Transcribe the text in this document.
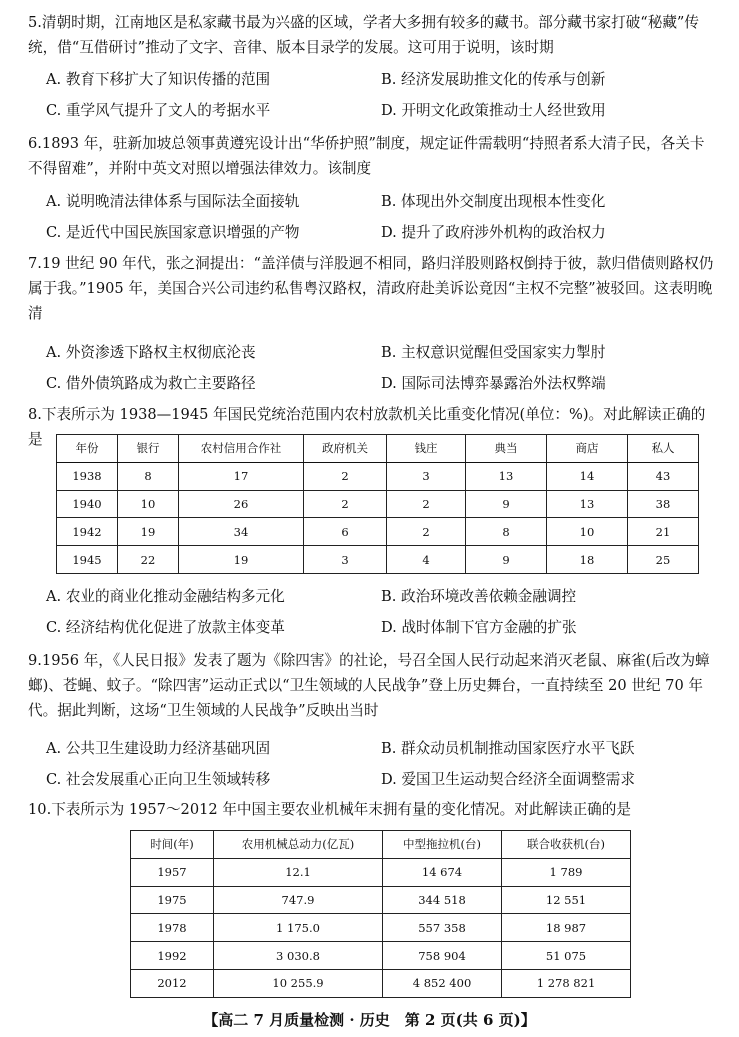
5.清朝时期，江南地区是私家藏书最为兴盛的区域，学者大多拥有较多的藏书。部分藏书家打破“秘藏”传统，借“互借研讨”推动了文字、音律、版本目录学的发展。这可用于说明，该时期
A. 教育下移扩大了知识传播的范围	B. 经济发展助推文化的传承与创新
C. 重学风气提升了文人的考据水平	D. 开明文化政策推动士人经世致用
6.1893 年，驻新加坡总领事黄遵宪设计出“华侨护照”制度，规定证件需载明“持照者系大清子民，各关卡不得留难”，并附中英文对照以增强法律效力。该制度
A. 说明晚清法律体系与国际法全面接轨	B. 体现出外交制度出现根本性变化
C. 是近代中国民族国家意识增强的产物	D. 提升了政府涉外机构的政治权力
7.19 世纪 90 年代，张之洞提出：“盖洋债与洋股迥不相同，路归洋股则路权倒持于彼，款归借债则路权仍属于我。”1905 年，美国合兴公司违约私售粤汉路权，清政府赴美诉讼竟因“主权不完整”被驳回。这表明晚清
A. 外资渗透下路权主权彻底沦丧	B. 主权意识觉醒但受国家实力掣肘
C. 借外债筑路成为救亡主要路径	D. 国际司法博弈暴露治外法权弊端
8.下表所示为 1938—1945 年国民党统治范围内农村放款机关比重变化情况(单位：%)。对此解读正确的是
年份	银行	农村信用合作社	政府机关	钱庄	典当	商店	私人
1938	8	17	2	3	13	14	43
1940	10	26	2	2	9	13	38
1942	19	34	6	2	8	10	21
1945	22	19	3	4	9	18	25
A. 农业的商业化推动金融结构多元化	B. 政治环境改善依赖金融调控
C. 经济结构优化促进了放款主体变革	D. 战时体制下官方金融的扩张
9.1956 年，《人民日报》发表了题为《除四害》的社论，号召全国人民行动起来消灭老鼠、麻雀(后改为蟑螂)、苍蝇、蚊子。“除四害”运动正式以“卫生领域的人民战争”登上历史舞台，一直持续至 20 世纪 70 年代。据此判断，这场“卫生领域的人民战争”反映出当时
A. 公共卫生建设助力经济基础巩固	B. 群众动员机制推动国家医疗水平飞跃
C. 社会发展重心正向卫生领域转移	D. 爱国卫生运动契合经济全面调整需求
10.下表所示为 1957～2012 年中国主要农业机械年末拥有量的变化情况。对此解读正确的是
时间(年)	农用机械总动力(亿瓦)	中型拖拉机(台)	联合收获机(台)
1957	12.1	14 674	1 789
1975	747.9	344 518	12 551
1978	1 175.0	557 358	18 987
1992	3 030.8	758 904	51 075
2012	10 255.9	4 852 400	1 278 821
【高二 7 月质量检测 · 历史　第 2 页(共 6 页)】
